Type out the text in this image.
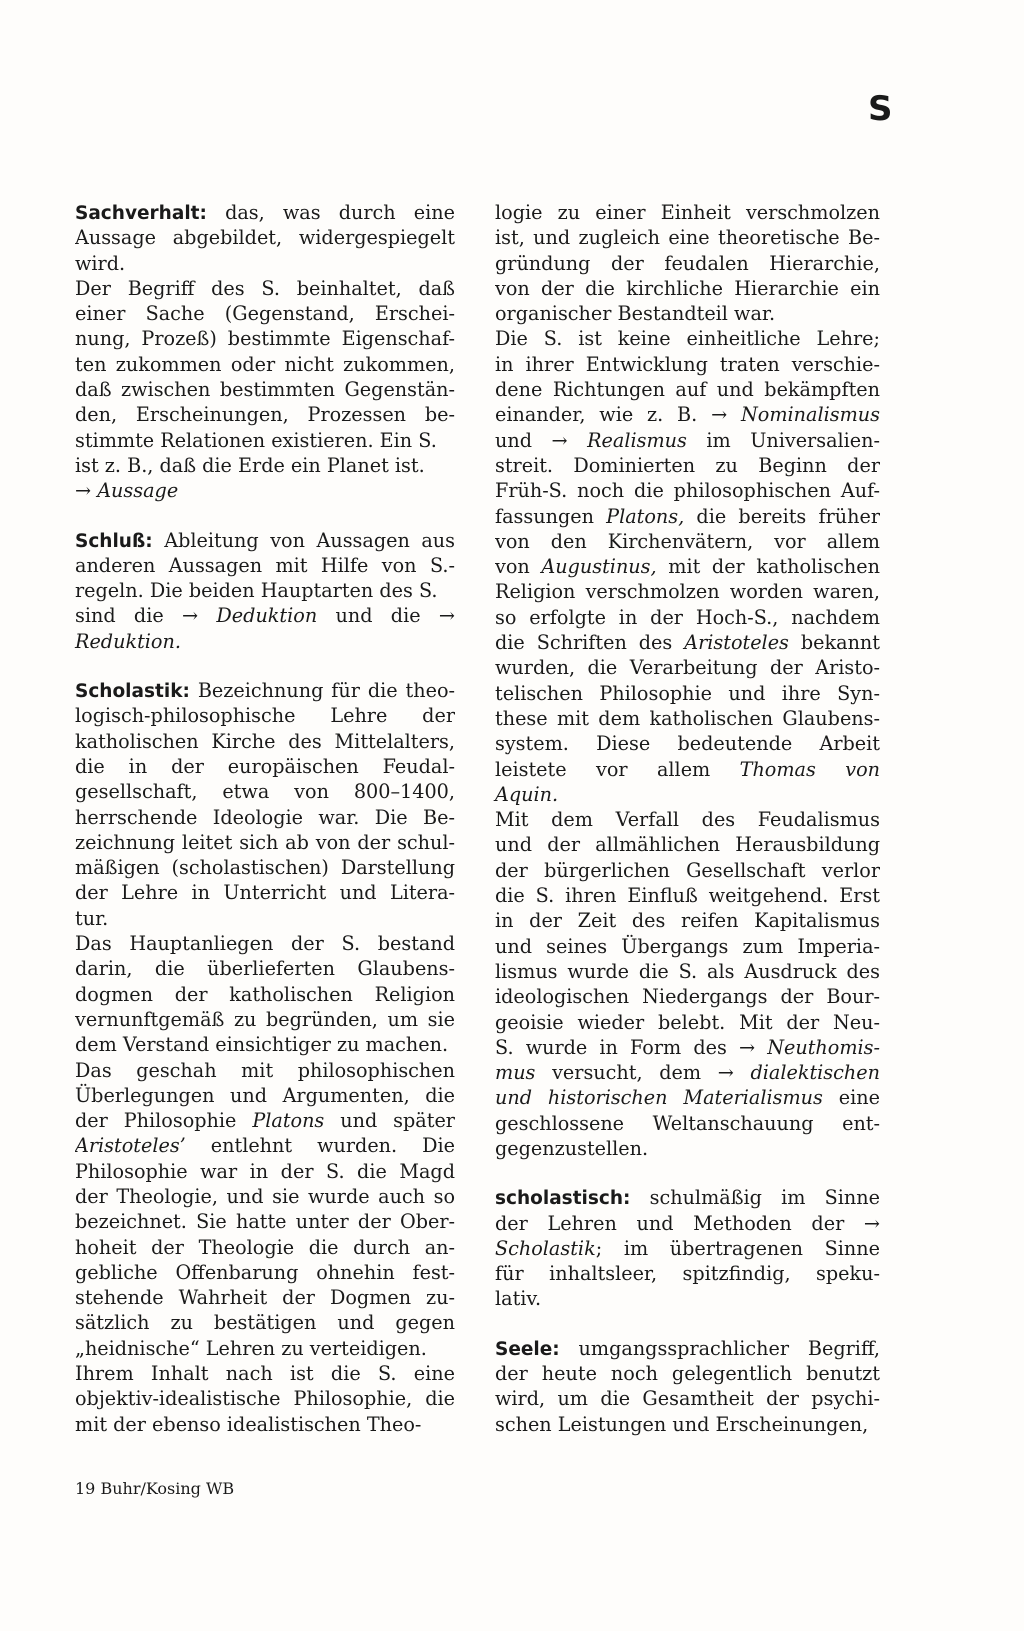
S
Sachverhalt: das, was durch eine
Aussage abgebildet, widergespiegelt
wird.
Der Begriff des S. beinhaltet, daß
einer Sache (Gegenstand, Erschei-
nung, Prozeß) bestimmte Eigenschaf-
ten zukommen oder nicht zukommen,
daß zwischen bestimmten Gegenstän-
den, Erscheinungen, Prozessen be-
stimmte Relationen existieren. Ein S.
ist z. B., daß die Erde ein Planet ist.
→ Aussage
Schluß: Ableitung von Aussagen aus
anderen Aussagen mit Hilfe von S.-
regeln. Die beiden Hauptarten des S.
sind die → Deduktion und die →
Reduktion.
Scholastik: Bezeichnung für die theo-
logisch-philosophische Lehre der
katholischen Kirche des Mittelalters,
die in der europäischen Feudal-
gesellschaft, etwa von 800–1400,
herrschende Ideologie war. Die Be-
zeichnung leitet sich ab von der schul-
mäßigen (scholastischen) Darstellung
der Lehre in Unterricht und Litera-
tur.
Das Hauptanliegen der S. bestand
darin, die überlieferten Glaubens-
dogmen der katholischen Religion
vernunftgemäß zu begründen, um sie
dem Verstand einsichtiger zu machen.
Das geschah mit philosophischen
Überlegungen und Argumenten, die
der Philosophie Platons und später
Aristoteles’ entlehnt wurden. Die
Philosophie war in der S. die Magd
der Theologie, und sie wurde auch so
bezeichnet. Sie hatte unter der Ober-
hoheit der Theologie die durch an-
gebliche Offenbarung ohnehin fest-
stehende Wahrheit der Dogmen zu-
sätzlich zu bestätigen und gegen
„heidnische“ Lehren zu verteidigen.
Ihrem Inhalt nach ist die S. eine
objektiv-idealistische Philosophie, die
mit der ebenso idealistischen Theo-
logie zu einer Einheit verschmolzen
ist, und zugleich eine theoretische Be-
gründung der feudalen Hierarchie,
von der die kirchliche Hierarchie ein
organischer Bestandteil war.
Die S. ist keine einheitliche Lehre;
in ihrer Entwicklung traten verschie-
dene Richtungen auf und bekämpften
einander, wie z. B. → Nominalismus
und → Realismus im Universalien-
streit. Dominierten zu Beginn der
Früh-S. noch die philosophischen Auf-
fassungen Platons, die bereits früher
von den Kirchenvätern, vor allem
von Augustinus, mit der katholischen
Religion verschmolzen worden waren,
so erfolgte in der Hoch-S., nachdem
die Schriften des Aristoteles bekannt
wurden, die Verarbeitung der Aristo-
telischen Philosophie und ihre Syn-
these mit dem katholischen Glaubens-
system. Diese bedeutende Arbeit
leistete vor allem Thomas von
Aquin.
Mit dem Verfall des Feudalismus
und der allmählichen Herausbildung
der bürgerlichen Gesellschaft verlor
die S. ihren Einfluß weitgehend. Erst
in der Zeit des reifen Kapitalismus
und seines Übergangs zum Imperia-
lismus wurde die S. als Ausdruck des
ideologischen Niedergangs der Bour-
geoisie wieder belebt. Mit der Neu-
S. wurde in Form des → Neuthomis-
mus versucht, dem → dialektischen
und historischen Materialismus eine
geschlossene Weltanschauung ent-
gegenzustellen.
scholastisch: schulmäßig im Sinne
der Lehren und Methoden der →
Scholastik; im übertragenen Sinne
für inhaltsleer, spitzfindig, speku-
lativ.
Seele: umgangssprachlicher Begriff,
der heute noch gelegentlich benutzt
wird, um die Gesamtheit der psychi-
schen Leistungen und Erscheinungen,
19 Buhr/Kosing WB
